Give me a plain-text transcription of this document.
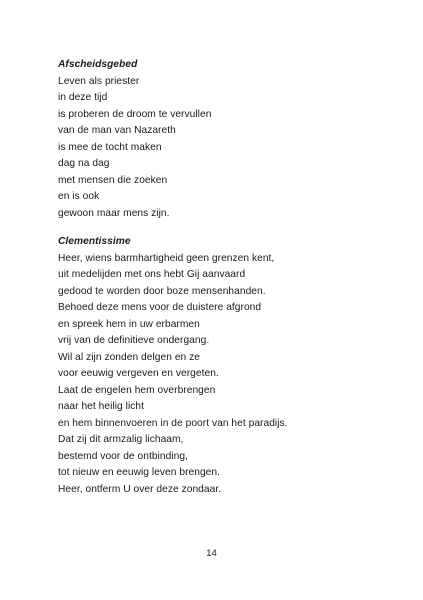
Afscheidsgebed
Leven als priester
in deze tijd
is proberen de droom te vervullen
van de man van Nazareth
is mee de tocht maken
dag na dag
met mensen die zoeken
en is ook
gewoon maar mens zijn.
Clementissime
Heer, wiens barmhartigheid geen grenzen kent,
uit medelijden met ons hebt Gij aanvaard
gedood te worden door boze mensenhanden.
Behoed deze mens voor de duistere afgrond
en spreek hem in uw erbarmen
vrij van de definitieve ondergang.
Wil al zijn zonden delgen en ze
voor eeuwig vergeven en vergeten.
Laat de engelen hem overbrengen
naar het heilig licht
en hem binnenvoeren in de poort van het paradijs.
Dat zij dit armzalig lichaam,
bestemd voor de ontbinding,
tot nieuw en eeuwig leven brengen.
Heer, ontferm U over deze zondaar.
14
